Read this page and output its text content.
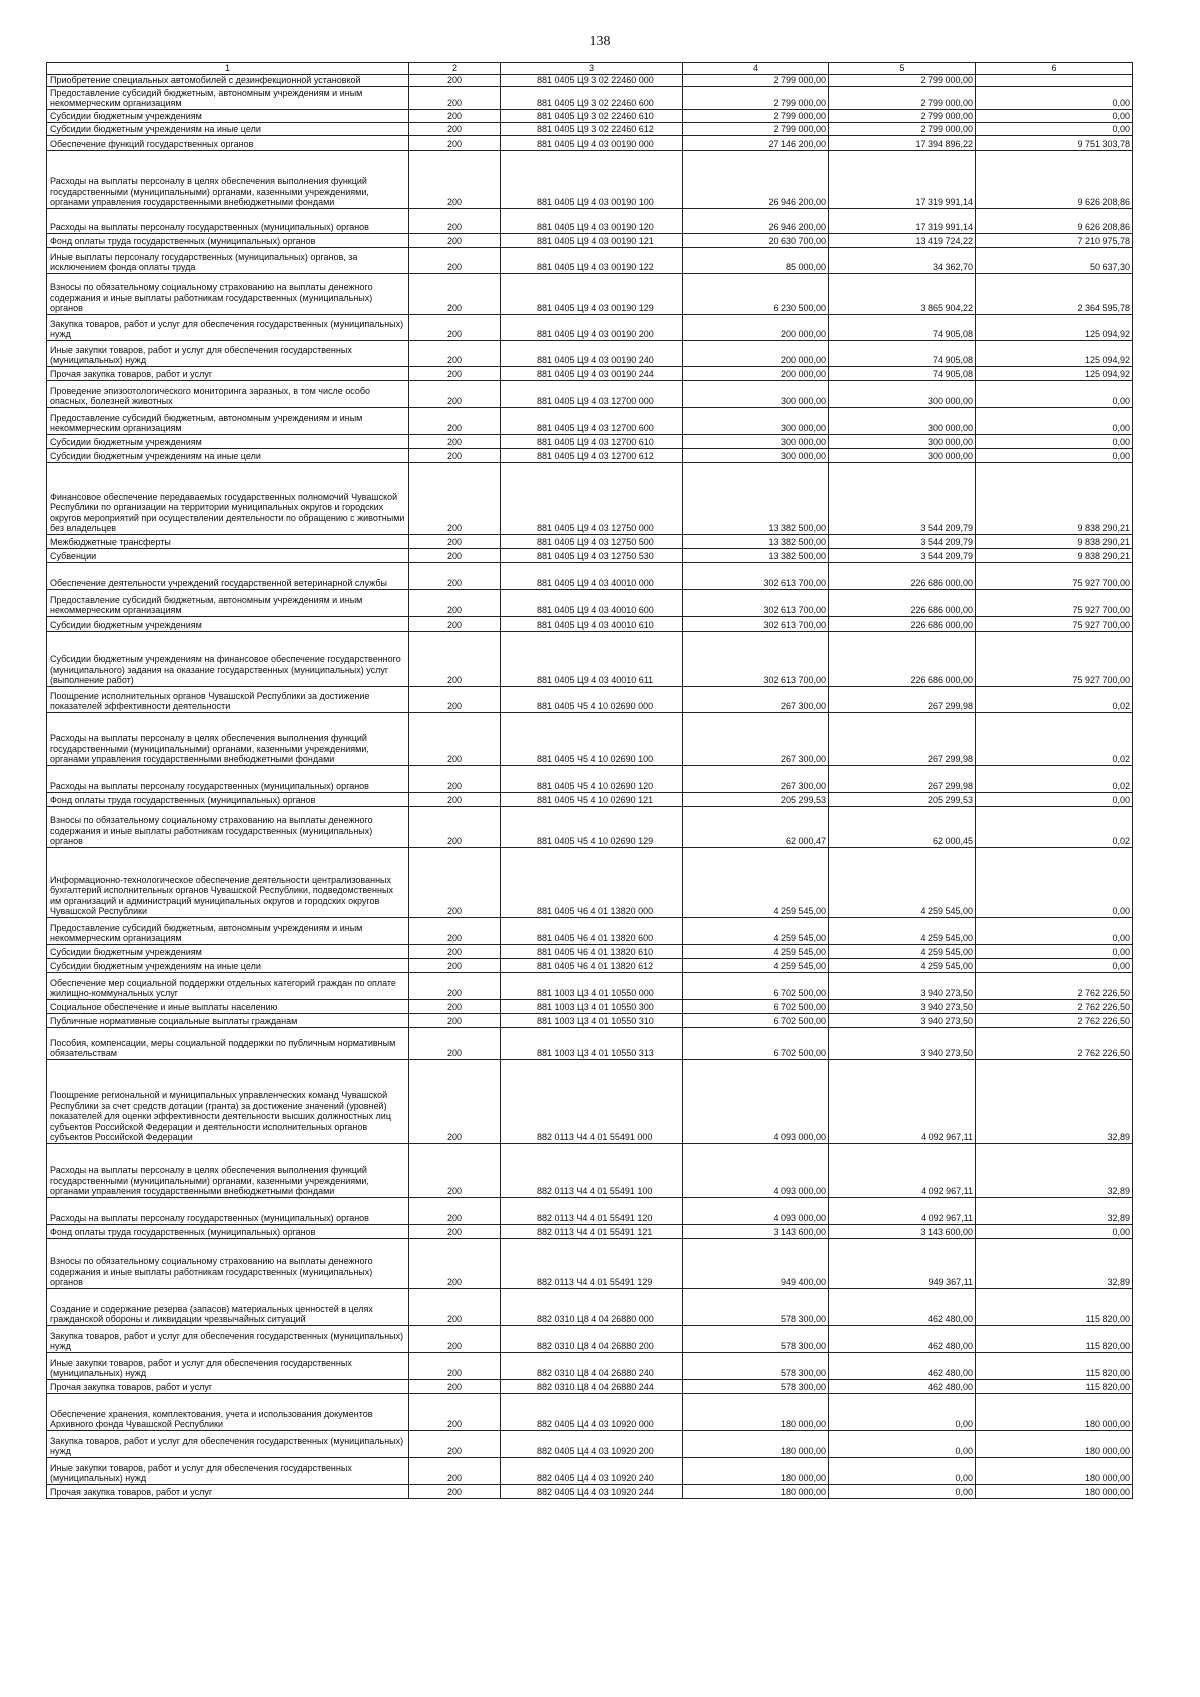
138
1	2	3	4	5	6
Приобретение специальных автомобилей с дезинфекционной установкой	200	881 0405 Ц9 3 02 22460 000	2 799 000,00	2 799 000,00	
Предоставление субсидий бюджетным, автономным учреждениям и иным некоммерческим организациям	200	881 0405 Ц9 3 02 22460 600	2 799 000,00	2 799 000,00	0,00
Субсидии бюджетным учреждениям	200	881 0405 Ц9 3 02 22460 610	2 799 000,00	2 799 000,00	0,00
Субсидии бюджетным учреждениям на иные цели	200	881 0405 Ц9 3 02 22460 612	2 799 000,00	2 799 000,00	0,00
Обеспечение функций государственных органов	200	881 0405 Ц9 4 03 00190 000	27 146 200,00	17 394 896,22	9 751 303,78
Расходы на выплаты персоналу в целях обеспечения выполнения функций государственными (муниципальными) органами, казенными учреждениями, органами управления государственными внебюджетными фондами	200	881 0405 Ц9 4 03 00190 100	26 946 200,00	17 319 991,14	9 626 208,86
Расходы на выплаты персоналу государственных (муниципальных) органов	200	881 0405 Ц9 4 03 00190 120	26 946 200,00	17 319 991,14	9 626 208,86
Фонд оплаты труда государственных (муниципальных) органов	200	881 0405 Ц9 4 03 00190 121	20 630 700,00	13 419 724,22	7 210 975,78
Иные выплаты персоналу государственных (муниципальных) органов, за исключением фонда оплаты труда	200	881 0405 Ц9 4 03 00190 122	85 000,00	34 362,70	50 637,30
Взносы по обязательному социальному страхованию на выплаты денежного содержания и иные выплаты работникам государственных (муниципальных) органов	200	881 0405 Ц9 4 03 00190 129	6 230 500,00	3 865 904,22	2 364 595,78
Закупка товаров, работ и услуг для обеспечения государственных (муниципальных) нужд	200	881 0405 Ц9 4 03 00190 200	200 000,00	74 905,08	125 094,92
Иные закупки товаров, работ и услуг для обеспечения государственных (муниципальных) нужд	200	881 0405 Ц9 4 03 00190 240	200 000,00	74 905,08	125 094,92
Прочая закупка товаров, работ и услуг	200	881 0405 Ц9 4 03 00190 244	200 000,00	74 905,08	125 094,92
Проведение эпизоотологического мониторинга заразных, в том числе особо опасных, болезней животных	200	881 0405 Ц9 4 03 12700 000	300 000,00	300 000,00	0,00
Предоставление субсидий бюджетным, автономным учреждениям и иным некоммерческим организациям	200	881 0405 Ц9 4 03 12700 600	300 000,00	300 000,00	0,00
Субсидии бюджетным учреждениям	200	881 0405 Ц9 4 03 12700 610	300 000,00	300 000,00	0,00
Субсидии бюджетным учреждениям на иные цели	200	881 0405 Ц9 4 03 12700 612	300 000,00	300 000,00	0,00
Финансовое обеспечение передаваемых государственных полномочий Чувашской Республики по организации на территории муниципальных округов и городских округов мероприятий при осуществлении деятельности по обращению с животными без владельцев	200	881 0405 Ц9 4 03 12750 000	13 382 500,00	3 544 209,79	9 838 290,21
Межбюджетные трансферты	200	881 0405 Ц9 4 03 12750 500	13 382 500,00	3 544 209,79	9 838 290,21
Субвенции	200	881 0405 Ц9 4 03 12750 530	13 382 500,00	3 544 209,79	9 838 290,21
Обеспечение деятельности учреждений государственной ветеринарной службы	200	881 0405 Ц9 4 03 40010 000	302 613 700,00	226 686 000,00	75 927 700,00
Предоставление субсидий бюджетным, автономным учреждениям и иным некоммерческим организациям	200	881 0405 Ц9 4 03 40010 600	302 613 700,00	226 686 000,00	75 927 700,00
Субсидии бюджетным учреждениям	200	881 0405 Ц9 4 03 40010 610	302 613 700,00	226 686 000,00	75 927 700,00
Субсидии бюджетным учреждениям на финансовое обеспечение государственного (муниципального) задания на оказание государственных (муниципальных) услуг (выполнение работ)	200	881 0405 Ц9 4 03 40010 611	302 613 700,00	226 686 000,00	75 927 700,00
Поощрение исполнительных органов Чувашской Республики за достижение показателей эффективности деятельности	200	881 0405 Ч5 4 10 02690 000	267 300,00	267 299,98	0,02
Расходы на выплаты персоналу в целях обеспечения выполнения функций государственными (муниципальными) органами, казенными учреждениями, органами управления государственными внебюджетными фондами	200	881 0405 Ч5 4 10 02690 100	267 300,00	267 299,98	0,02
Расходы на выплаты персоналу государственных (муниципальных) органов	200	881 0405 Ч5 4 10 02690 120	267 300,00	267 299,98	0,02
Фонд оплаты труда государственных (муниципальных) органов	200	881 0405 Ч5 4 10 02690 121	205 299,53	205 299,53	0,00
Взносы по обязательному социальному страхованию на выплаты денежного содержания и иные выплаты работникам государственных (муниципальных) органов	200	881 0405 Ч5 4 10 02690 129	62 000,47	62 000,45	0,02
Информационно-технологическое обеспечение деятельности централизованных бухгалтерий исполнительных органов Чувашской Республики, подведомственных им организаций и администраций муниципальных округов и городских округов Чувашской Республики	200	881 0405 Ч6 4 01 13820 000	4 259 545,00	4 259 545,00	0,00
Предоставление субсидий бюджетным, автономным учреждениям и иным некоммерческим организациям	200	881 0405 Ч6 4 01 13820 600	4 259 545,00	4 259 545,00	0,00
Субсидии бюджетным учреждениям	200	881 0405 Ч6 4 01 13820 610	4 259 545,00	4 259 545,00	0,00
Субсидии бюджетным учреждениям на иные цели	200	881 0405 Ч6 4 01 13820 612	4 259 545,00	4 259 545,00	0,00
Обеспечение мер социальной поддержки отдельных категорий граждан по оплате жилищно-коммунальных услуг	200	881 1003 Ц3 4 01 10550 000	6 702 500,00	3 940 273,50	2 762 226,50
Социальное обеспечение и иные выплаты населению	200	881 1003 Ц3 4 01 10550 300	6 702 500,00	3 940 273,50	2 762 226,50
Публичные нормативные социальные выплаты гражданам	200	881 1003 Ц3 4 01 10550 310	6 702 500,00	3 940 273,50	2 762 226,50
Пособия, компенсации, меры социальной поддержки по публичным нормативным обязательствам	200	881 1003 Ц3 4 01 10550 313	6 702 500,00	3 940 273,50	2 762 226,50
Поощрение региональной и муниципальных управленческих команд Чувашской Республики за счет средств дотации (гранта) за достижение значений (уровней) показателей для оценки эффективности деятельности высших должностных лиц субъектов Российской Федерации и деятельности исполнительных органов субъектов Российской Федерации	200	882 0113 Ч4 4 01 55491 000	4 093 000,00	4 092 967,11	32,89
Расходы на выплаты персоналу в целях обеспечения выполнения функций государственными (муниципальными) органами, казенными учреждениями, органами управления государственными внебюджетными фондами	200	882 0113 Ч4 4 01 55491 100	4 093 000,00	4 092 967,11	32,89
Расходы на выплаты персоналу государственных (муниципальных) органов	200	882 0113 Ч4 4 01 55491 120	4 093 000,00	4 092 967,11	32,89
Фонд оплаты труда государственных (муниципальных) органов	200	882 0113 Ч4 4 01 55491 121	3 143 600,00	3 143 600,00	0,00
Взносы по обязательному социальному страхованию на выплаты денежного содержания и иные выплаты работникам государственных (муниципальных) органов	200	882 0113 Ч4 4 01 55491 129	949 400,00	949 367,11	32,89
Создание и содержание резерва (запасов) материальных ценностей в целях гражданской обороны и ликвидации чрезвычайных ситуаций	200	882 0310 Ц8 4 04 26880 000	578 300,00	462 480,00	115 820,00
Закупка товаров, работ и услуг для обеспечения государственных (муниципальных) нужд	200	882 0310 Ц8 4 04 26880 200	578 300,00	462 480,00	115 820,00
Иные закупки товаров, работ и услуг для обеспечения государственных (муниципальных) нужд	200	882 0310 Ц8 4 04 26880 240	578 300,00	462 480,00	115 820,00
Прочая закупка товаров, работ и услуг	200	882 0310 Ц8 4 04 26880 244	578 300,00	462 480,00	115 820,00
Обеспечение хранения, комплектования, учета и использования документов Архивного фонда Чувашской Республики	200	882 0405 Ц4 4 03 10920 000	180 000,00	0,00	180 000,00
Закупка товаров, работ и услуг для обеспечения государственных (муниципальных) нужд	200	882 0405 Ц4 4 03 10920 200	180 000,00	0,00	180 000,00
Иные закупки товаров, работ и услуг для обеспечения государственных (муниципальных) нужд	200	882 0405 Ц4 4 03 10920 240	180 000,00	0,00	180 000,00
Прочая закупка товаров, работ и услуг	200	882 0405 Ц4 4 03 10920 244	180 000,00	0,00	180 000,00
